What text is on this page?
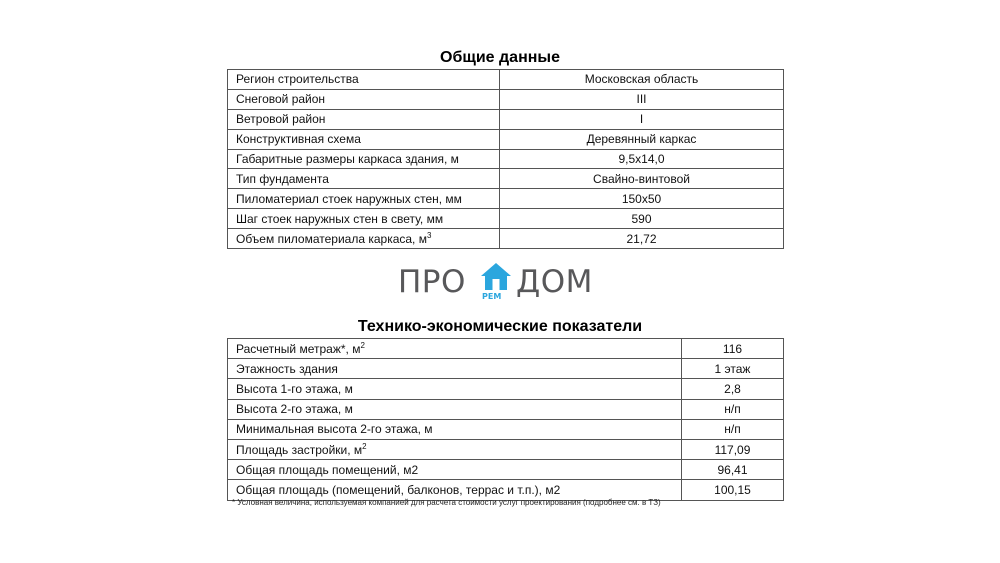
Общие данные
Регион строительства	Московская область
Снеговой район	III
Ветровой район	I
Конструктивная схема	Деревянный каркас
Габаритные размеры каркаса здания, м	9,5х14,0
Тип фундамента	Свайно-винтовой
Пиломатериал стоек наружных стен, мм	150х50
Шаг стоек наружных стен в свету, мм	590
Объем пиломатериала каркаса, $м^3$	21,72
ПРО РЕМ ДОМ
Технико-экономические показатели
Расчетный метраж*, $м^2$	116
Этажность здания	1 этаж
Высота 1-го этажа, м	2,8
Высота 2-го этажа, м	н/п
Минимальная высота 2-го этажа, м	н/п
Площадь застройки, $м^2$	117,09
Общая площадь помещений, м2	96,41
Общая площадь (помещений, балконов, террас и т.п.), м2	100,15
* Условная величина, используемая компанией для расчета стоимости услуг проектирования (подробнее см. в ТЗ)
